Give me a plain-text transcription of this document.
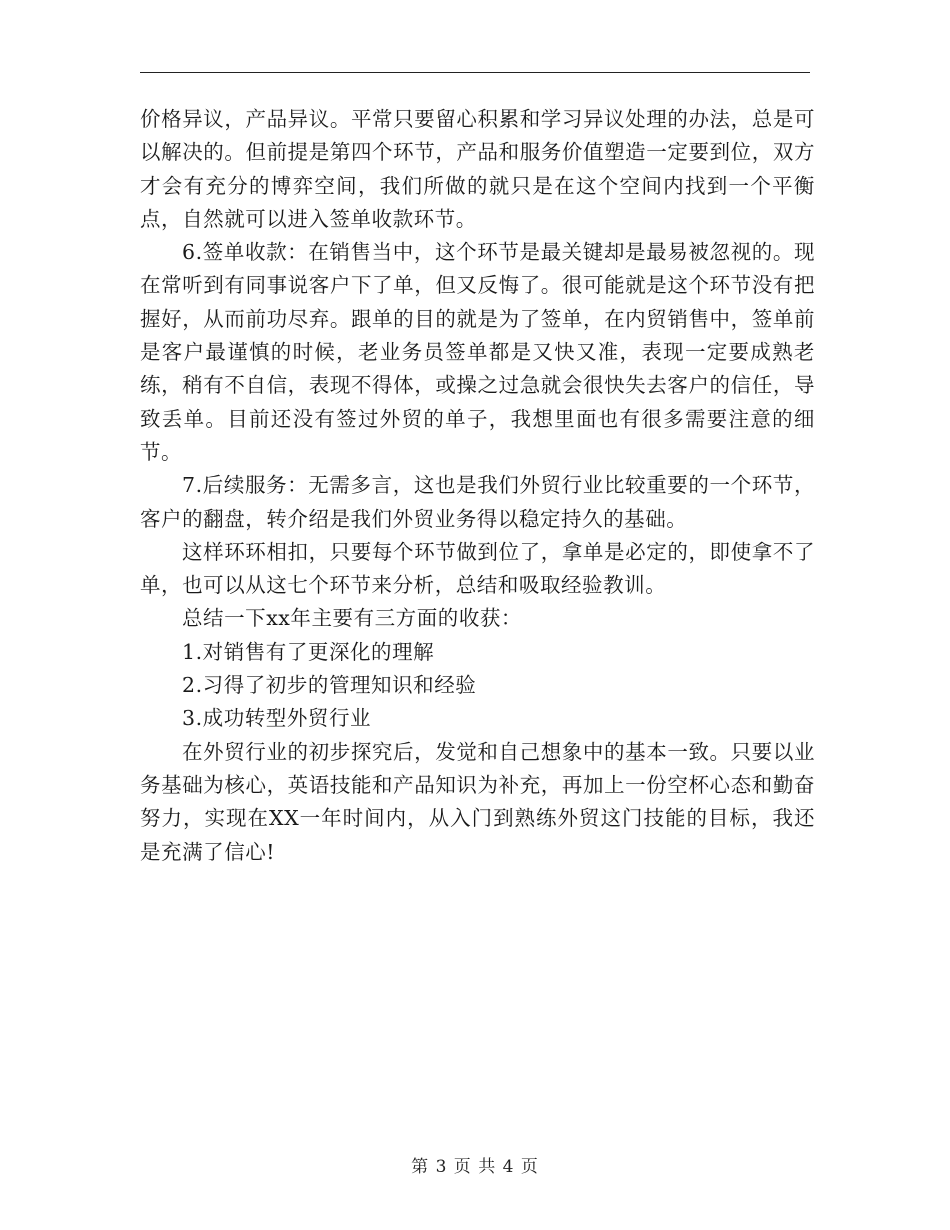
价格异议，产品异议。平常只要留心积累和学习异议处理的办法，总是可以解决的。但前提是第四个环节，产品和服务价值塑造一定要到位，双方才会有充分的博弈空间，我们所做的就只是在这个空间内找到一个平衡点，自然就可以进入签单收款环节。

6.签单收款：在销售当中，这个环节是最关键却是最易被忽视的。现在常听到有同事说客户下了单，但又反悔了。很可能就是这个环节没有把握好，从而前功尽弃。跟单的目的就是为了签单，在内贸销售中，签单前是客户最谨慎的时候，老业务员签单都是又快又准，表现一定要成熟老练，稍有不自信，表现不得体，或操之过急就会很快失去客户的信任，导致丢单。目前还没有签过外贸的单子，我想里面也有很多需要注意的细节。

7.后续服务：无需多言，这也是我们外贸行业比较重要的一个环节，客户的翻盘，转介绍是我们外贸业务得以稳定持久的基础。

这样环环相扣，只要每个环节做到位了，拿单是必定的，即使拿不了单，也可以从这七个环节来分析，总结和吸取经验教训。

总结一下xx年主要有三方面的收获：

1.对销售有了更深化的理解

2.习得了初步的管理知识和经验

3.成功转型外贸行业

在外贸行业的初步探究后，发觉和自己想象中的基本一致。只要以业务基础为核心，英语技能和产品知识为补充，再加上一份空杯心态和勤奋努力，实现在XX一年时间内，从入门到熟练外贸这门技能的目标，我还是充满了信心!

第 3 页 共 4 页
